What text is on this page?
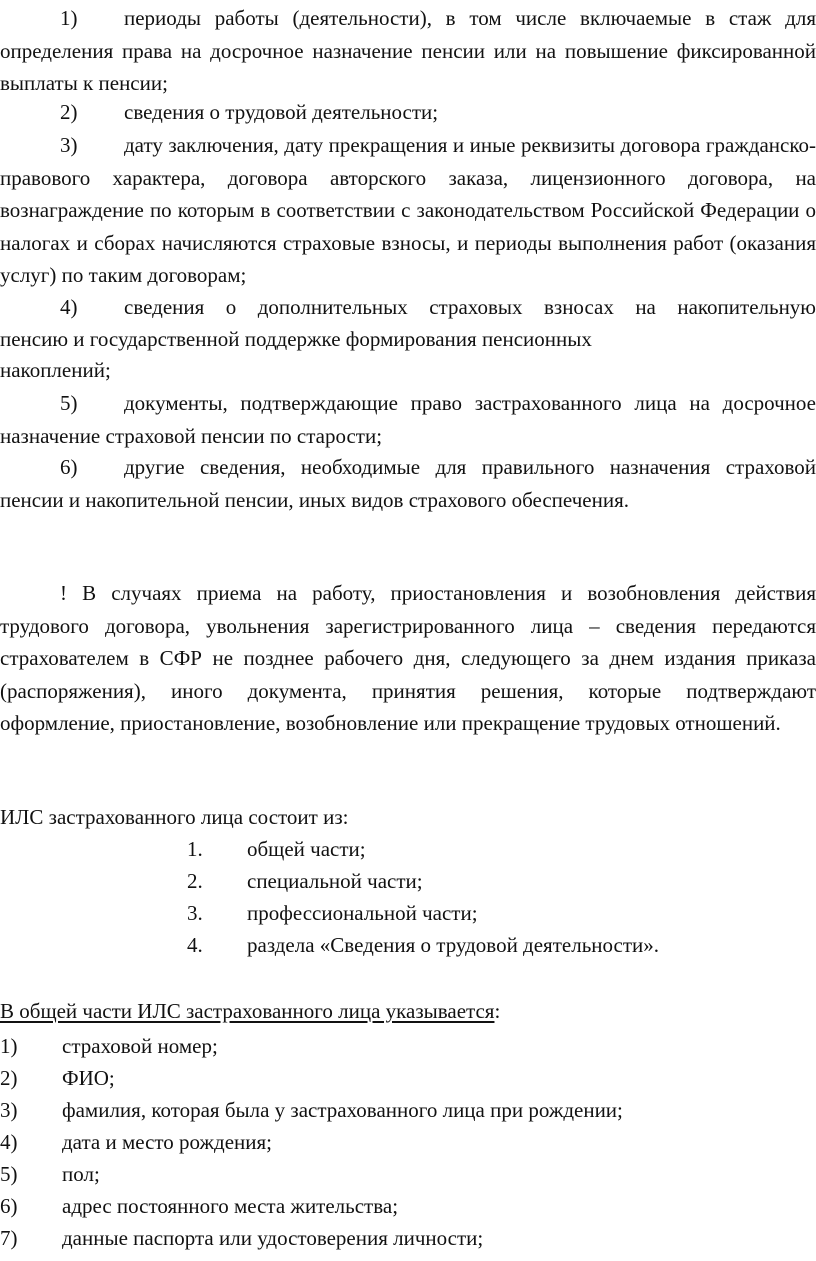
1) периоды работы (деятельности), в том числе включаемые в стаж для определения права на досрочное назначение пенсии или на повышение фиксированной выплаты к пенсии;

2) сведения о трудовой деятельности;

3) дату заключения, дату прекращения и иные реквизиты договора гражданско-правового характера, договора авторского заказа, лицензионного договора, на вознаграждение по которым в соответствии с законодательством Российской Федерации о налогах и сборах начисляются страховые взносы, и периоды выполнения работ (оказания услуг) по таким договорам;

4) сведения о дополнительных страховых взносах на накопительную

пенсию и государственной поддержке формирования пенсионных

накоплений;

5) документы, подтверждающие право застрахованного лица на досрочное назначение страховой пенсии по старости;

6) другие сведения, необходимые для правильного назначения страховой пенсии и накопительной пенсии, иных видов страхового обеспечения.

! В случаях приема на работу, приостановления и возобновления действия трудового договора, увольнения зарегистрированного лица – сведения передаются страхователем в СФР не позднее рабочего дня, следующего за днем издания приказа (распоряжения), иного документа, принятия решения, которые подтверждают оформление, приостановление, возобновление или прекращение трудовых отношений.

ИЛС застрахованного лица состоит из:

1. общей части;

2. специальной части;

3. профессиональной части;

4. раздела «Сведения о трудовой деятельности».

В общей части ИЛС застрахованного лица указывается:

1) страховой номер;

2) ФИО;

3) фамилия, которая была у застрахованного лица при рождении;

4) дата и место рождения;

5) пол;

6) адрес постоянного места жительства;

7) данные паспорта или удостоверения личности;
